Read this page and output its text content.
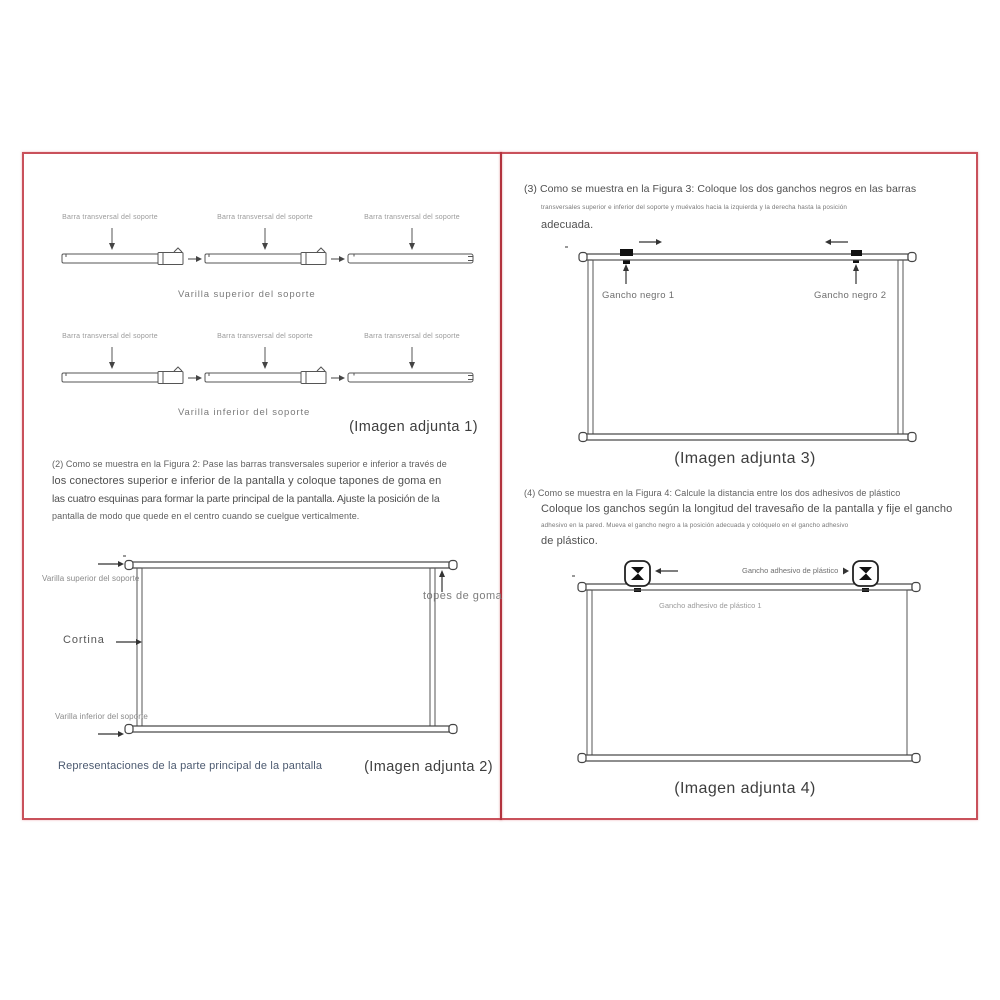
Barra transversal del soporte	Barra transversal del soporte	Barra transversal del soporte
Varilla superior del soporte
Barra transversal del soporte	Barra transversal del soporte	Barra transversal del soporte
Varilla inferior del soporte
(Imagen adjunta 1)
(2) Como se muestra en la Figura 2: Pase las barras transversales superior e inferior a través de
los conectores superior e inferior de la pantalla y coloque tapones de goma en
las cuatro esquinas para formar la parte principal de la pantalla. Ajuste la posición de la
pantalla de modo que quede en el centro cuando se cuelgue verticalmente.
Varilla superior del soporte
topes de goma
Cortina
Varilla inferior del soporte
Representaciones de la parte principal de la pantalla	(Imagen adjunta 2)
(3) Como se muestra en la Figura 3: Coloque los dos ganchos negros en las barras
transversales superior e inferior del soporte y muévalos hacia la izquierda y la derecha hasta la posición
adecuada.
Gancho negro 1	Gancho negro 2
(Imagen adjunta 3)
(4) Como se muestra en la Figura 4: Calcule la distancia entre los dos adhesivos de plástico
Coloque los ganchos según la longitud del travesaño de la pantalla y fije el gancho
adhesivo en la pared. Mueva el gancho negro a la posición adecuada y colóquelo en el gancho adhesivo
de plástico.
Gancho adhesivo de plástico
Gancho adhesivo de plástico 1
(Imagen adjunta 4)
